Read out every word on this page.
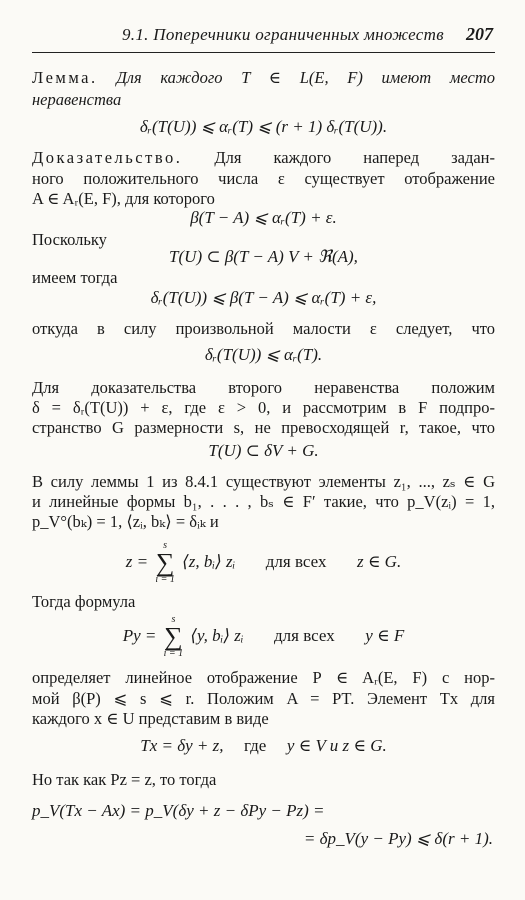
9.1. Поперечники ограниченных множеств 207
Лемма. Для каждого T ∈ L(E, F) имеют место
неравенства
δᵣ(T(U)) ⩽ αᵣ(T) ⩽ (r + 1) δᵣ(T(U)).
Доказательство. Для каждого наперед задан-
ного положительного числа ε существует отображение
A ∈ Aᵣ(E, F), для которого
β(T − A) ⩽ αᵣ(T) + ε.
Поскольку
T(U) ⊂ β(T − A) V + ℜ(A),
имеем тогда
δᵣ(T(U)) ⩽ β(T − A) ⩽ αᵣ(T) + ε,
откуда в силу произвольной малости ε следует, что
δᵣ(T(U)) ⩽ αᵣ(T).
Для доказательства второго неравенства положим
δ = δᵣ(T(U)) + ε, где ε > 0, и рассмотрим в F подпро-
странство G размерности s, не превосходящей r, такое, что
T(U) ⊂ δV + G.
В силу леммы 1 из 8.4.1 существуют элементы z₁, ..., zₛ ∈ G
и линейные формы b₁, . . . , bₛ ∈ F′ такие, что p_V(zᵢ) = 1,
p_V°(bₖ) = 1, ⟨zᵢ, bₖ⟩ = δᵢₖ и
z =
s
∑
i = 1
⟨z, bᵢ⟩ zᵢ для всех z ∈ G.
Тогда формула
Py =
s
∑
i = 1
⟨y, bᵢ⟩ zᵢ для всех y ∈ F
определяет линейное отображение P ∈ Aᵣ(E, F) с нор-
мой β(P) ⩽ s ⩽ r. Положим A = PT. Элемент Tx для
каждого x ∈ U представим в виде
Tx = δy + z, где y ∈ V и z ∈ G.
Но так как Pz = z, то тогда
p_V(Tx − Ax) = p_V(δy + z − δPy − Pz) =
= δp_V(y − Py) ⩽ δ(r + 1).
